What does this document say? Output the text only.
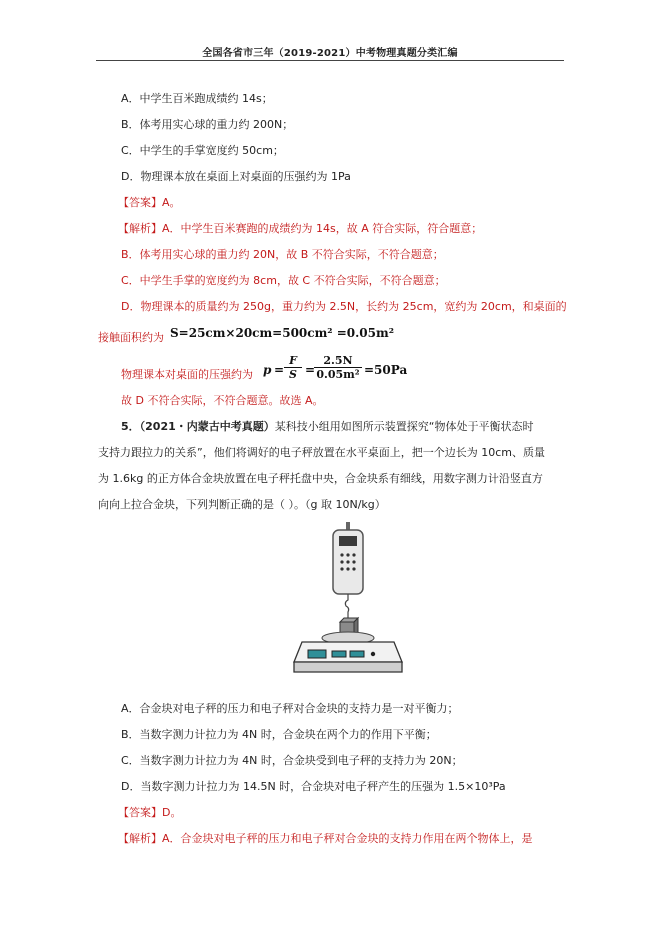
全国各省市三年（2019-2021）中考物理真题分类汇编
A．中学生百米跑成绩约 14s；
B．体考用实心球的重力约 200N；
C．中学生的手掌宽度约 50cm；
D．物理课本放在桌面上对桌面的压强约为 1Pa
【答案】A。
【解析】A．中学生百米赛跑的成绩约为 14s，故 A 符合实际，符合题意；
B．体考用实心球的重力约 20N，故 B 不符合实际，不符合题意；
C．中学生手掌的宽度约为 8cm，故 C 不符合实际，不符合题意；
D．物理课本的质量约为 250g，重力约为 2.5N，长约为 25cm，宽约为 20cm，和桌面的
接触面积约为 S=25cm×20cm=500cm² =0.05m²
物理课本对桌面的压强约为 $p = \frac{F}{S}$ =
$\frac{2.5N}{\text{0.05m²}} =50Pa$
故 D 不符合实际，不符合题意。故选 A。
5．（2021・内蒙古中考真题）某科技小组用如图所示装置探究“物体处于平衡状态时
支持力跟拉力的关系”，他们将调好的电子秤放置在水平桌面上，把一个边长为 10cm、质量
为 1.6kg 的正方体合金块放置在电子秤托盘中央，合金块系有细线，用数字测力计沿竖直方
向向上拉合金块，下列判断正确的是（ ）。（g 取 10N/kg）
A．合金块对电子秤的压力和电子秤对合金块的支持力是一对平衡力；
B．当数字测力计拉力为 4N 时，合金块在两个力的作用下平衡；
C．当数字测力计拉力为 4N 时，合金块受到电子秤的支持力为 20N；
D．当数字测力计拉力为 14.5N 时，合金块对电子秤产生的压强为 1.5×10³Pa
【答案】D。
【解析】A．合金块对电子秤的压力和电子秤对合金块的支持力作用在两个物体上，是
